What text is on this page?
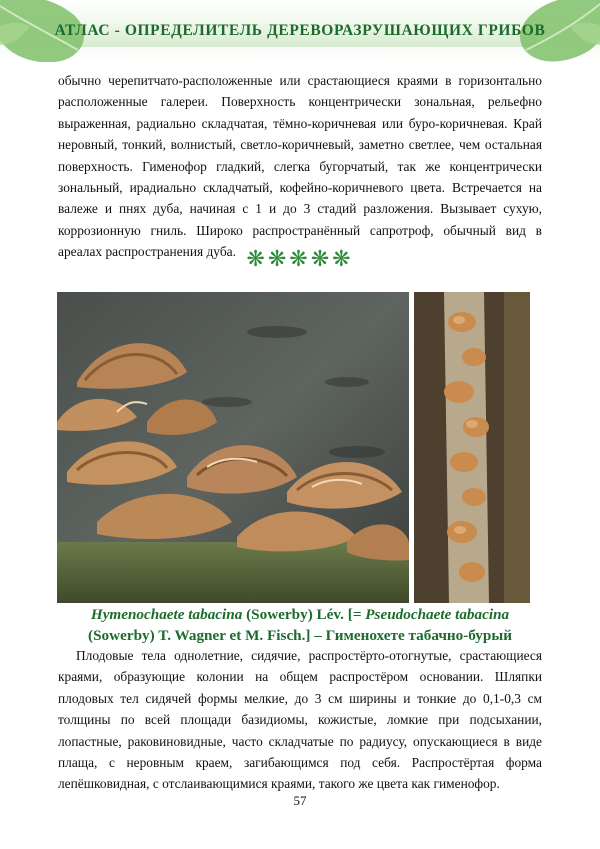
АТЛАС - ОПРЕДЕЛИТЕЛЬ ДЕРЕВОРАЗРУШАЮЩИХ ГРИБОВ

обычно черепитчато-расположенные или срастающиеся краями в горизонтально расположенные галереи. Поверхность концентрически зональная, рельефно выраженная, радиально складчатая, тёмно-коричневая или буро-коричневая. Край неровный, тонкий, волнистый, светло-коричневый, заметно светлее, чем остальная поверхность. Гименофор гладкий, слегка бугорчатый, так же концентрически зональный, ирадиально складчатый, кофейно-коричневого цвета. Встречается на валеже и пнях дуба, начиная с 1 и до 3 стадий разложения. Вызывает сухую, коррозионную гниль. Широко распространённый сапротроф, обычный вид в ареалах распространения дуба. ❋❋❋❋❋
Hymenochaete tabacina (Sowerby) Lév. [= Pseudochaete tabacina
(Sowerby) T. Wagner et M. Fisch.] – Гименохете табачно-бурый

Плодовые тела однолетние, сидячие, распростёрто-отогнутые, срастающиеся краями, образующие колонии на общем распростёром основании. Шляпки плодовых тел сидячей формы мелкие, до 3 см ширины и тонкие до 0,1-0,3 см толщины по всей площади базидиомы, кожистые, ломкие при подсыхании, лопастные, раковиновидные, часто складчатые по радиусу, опускающиеся в виде плаща, с неровным краем, загибающимся под себя. Распростёртая форма лепёшковидная, с отслаивающимися краями, такого же цвета как гименофор.

57
